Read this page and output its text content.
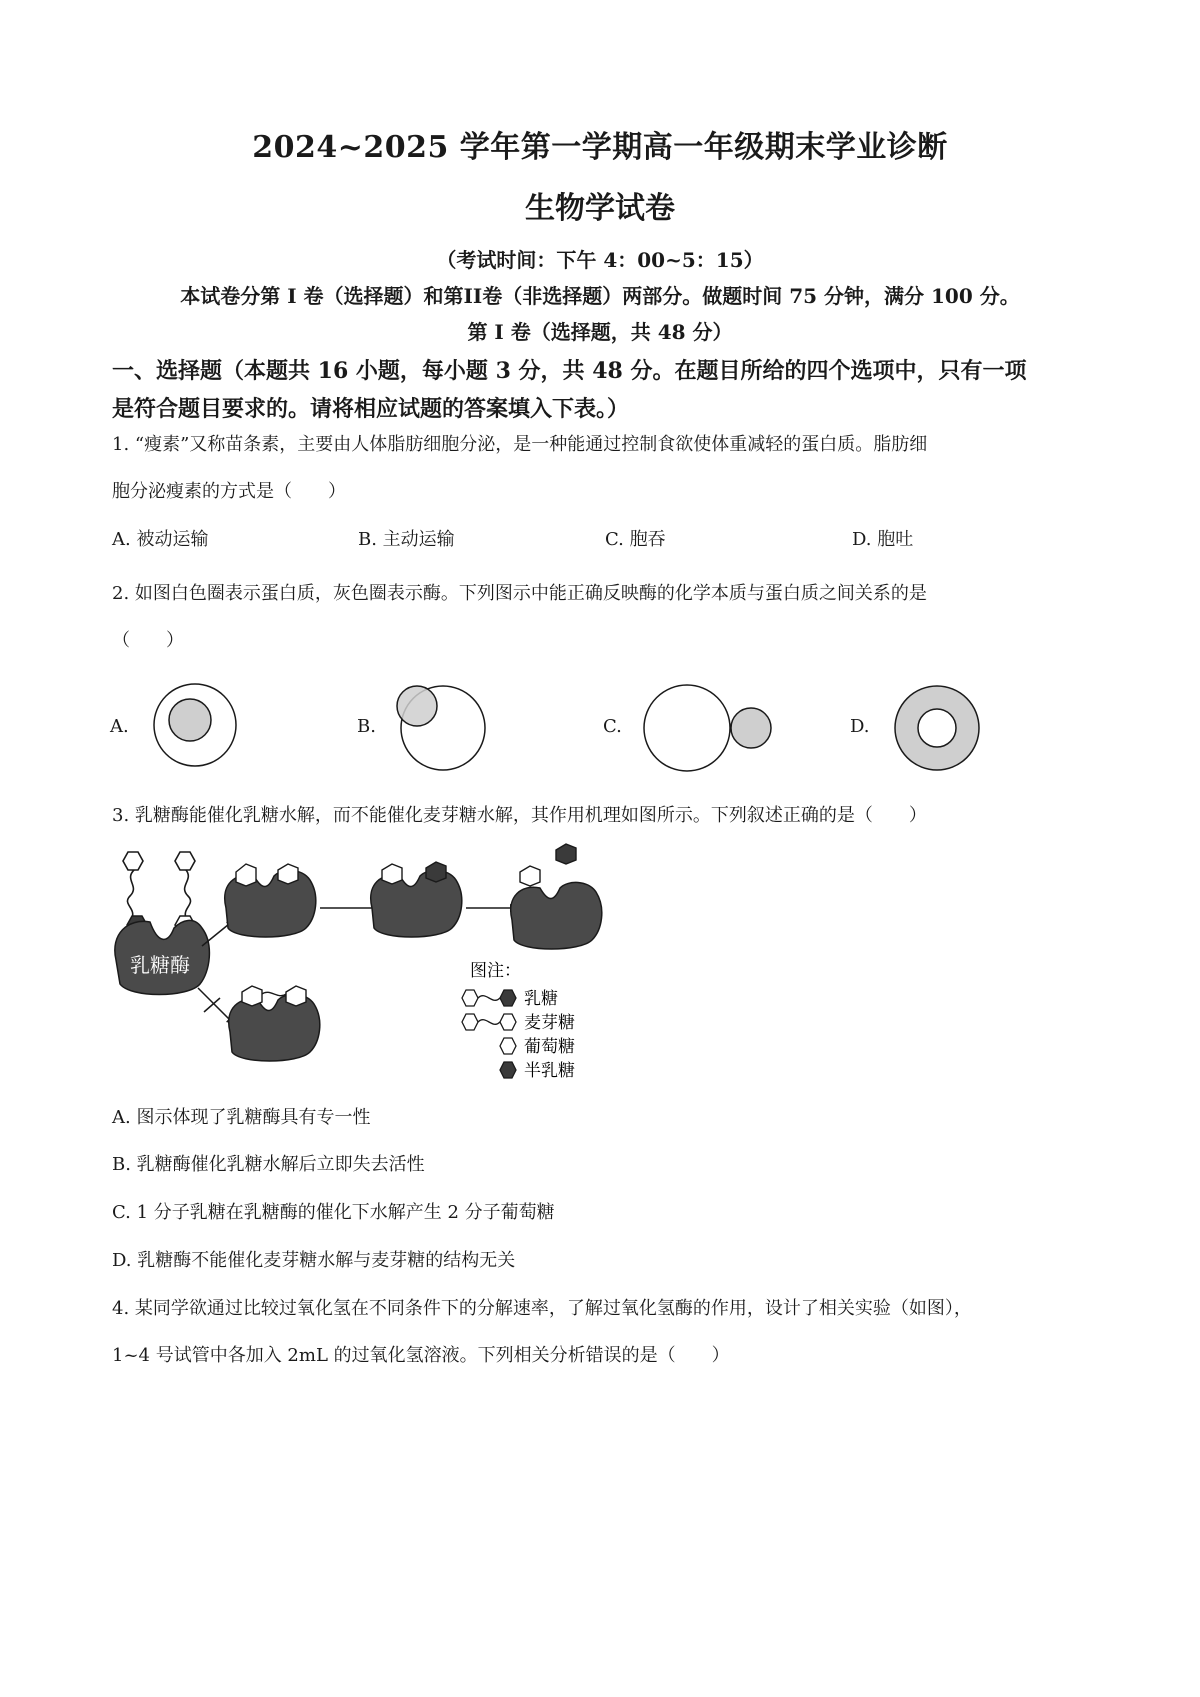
2024~2025 学年第一学期高一年级期末学业诊断
生物学试卷
（考试时间：下午 4：00~5：15）
本试卷分第 I 卷（选择题）和第II卷（非选择题）两部分。做题时间 75 分钟，满分 100 分。
第 I 卷（选择题，共 48 分）
一、选择题（本题共 16 小题，每小题 3 分，共 48 分。在题目所给的四个选项中，只有一项
是符合题目要求的。请将相应试题的答案填入下表。）
1. “瘦素”又称苗条素，主要由人体脂肪细胞分泌，是一种能通过控制食欲使体重减轻的蛋白质。脂肪细
胞分泌瘦素的方式是（　　）
A. 被动运输	B. 主动运输	C. 胞吞	D. 胞吐
2. 如图白色圈表示蛋白质，灰色圈表示酶。下列图示中能正确反映酶的化学本质与蛋白质之间关系的是
（　　）
A.	B.	C.	D.
3. 乳糖酶能催化乳糖水解，而不能催化麦芽糖水解，其作用机理如图所示。下列叙述正确的是（　　）
乳糖酶	图注：
乳糖
麦芽糖
葡萄糖
半乳糖
A. 图示体现了乳糖酶具有专一性
B. 乳糖酶催化乳糖水解后立即失去活性
C. 1 分子乳糖在乳糖酶的催化下水解产生 2 分子葡萄糖
D. 乳糖酶不能催化麦芽糖水解与麦芽糖的结构无关
4. 某同学欲通过比较过氧化氢在不同条件下的分解速率，了解过氧化氢酶的作用，设计了相关实验（如图），
1~4 号试管中各加入 2mL 的过氧化氢溶液。下列相关分析错误的是（　　）
